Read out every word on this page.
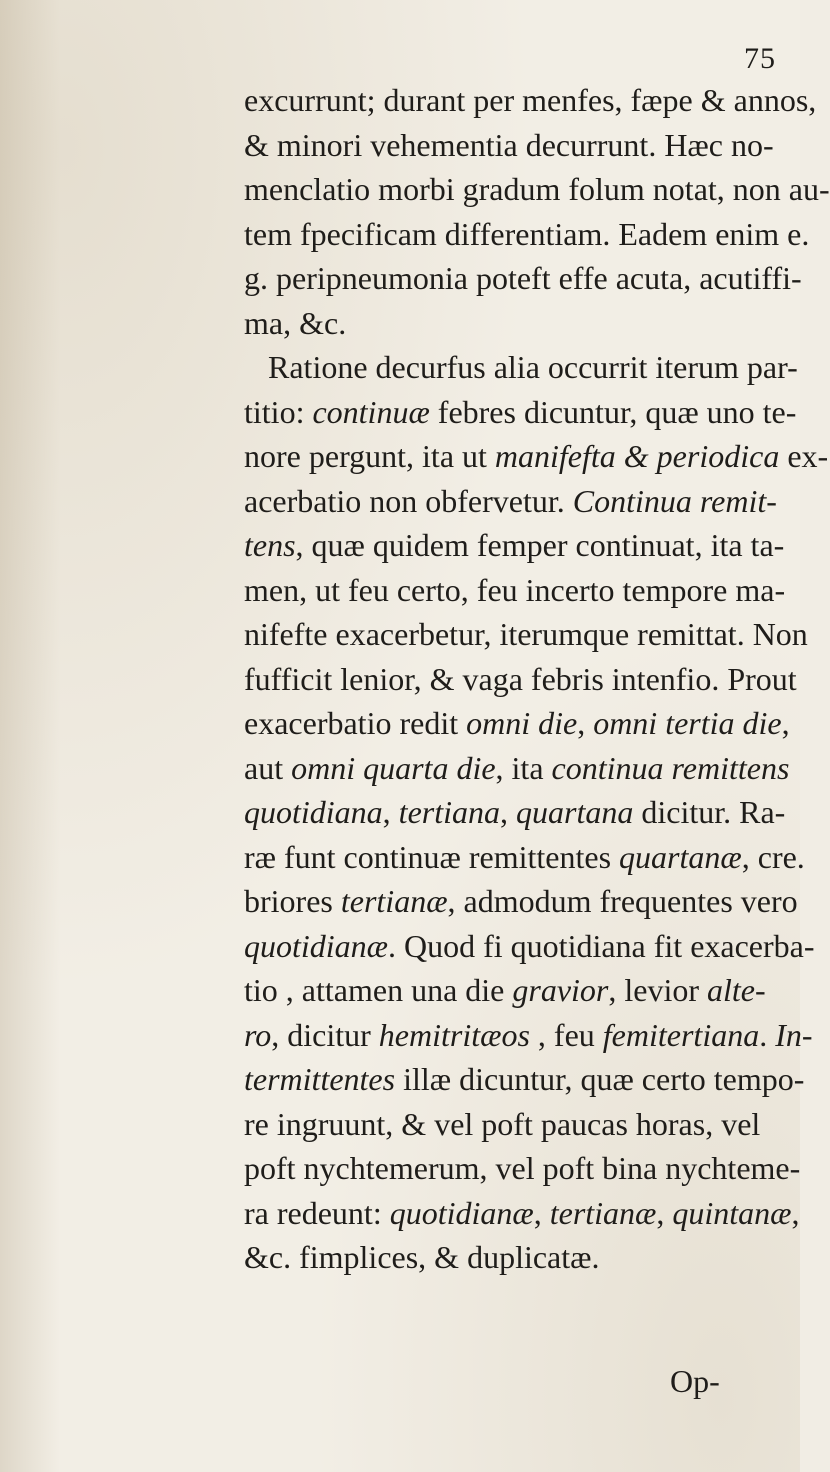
75
excurrunt; durant per menfes, fæpe & annos,
& minori vehementia decurrunt. Hæc no-
menclatio morbi gradum folum notat, non au-
tem fpecificam differentiam. Eadem enim e.
g. peripneumonia poteft effe acuta, acutiffi-
ma, &c.
Ratione decurfus alia occurrit iterum par-
titio: continuæ febres dicuntur, quæ uno te-
nore pergunt, ita ut manifefta & periodica ex-
acerbatio non obfervetur. Continua remit-
tens, quæ quidem femper continuat, ita ta-
men, ut feu certo, feu incerto tempore ma-
nifefte exacerbetur, iterumque remittat. Non
fufficit lenior, & vaga febris intenfio. Prout
exacerbatio redit omni die, omni tertia die,
aut omni quarta die, ita continua remittens
quotidiana, tertiana, quartana dicitur. Ra-
ræ funt continuæ remittentes quartanæ, cre.
briores tertianæ, admodum frequentes vero
quotidianæ. Quod fi quotidiana fit exacerba-
tio , attamen una die gravior, levior alte-
ro, dicitur hemitritæos , feu femitertiana. In-
termittentes illæ dicuntur, quæ certo tempo-
re ingruunt, & vel poft paucas horas, vel
poft nychtemerum, vel poft bina nychteme-
ra redeunt: quotidianæ, tertianæ, quintanæ,
&c. fimplices, & duplicatæ.
Op-
